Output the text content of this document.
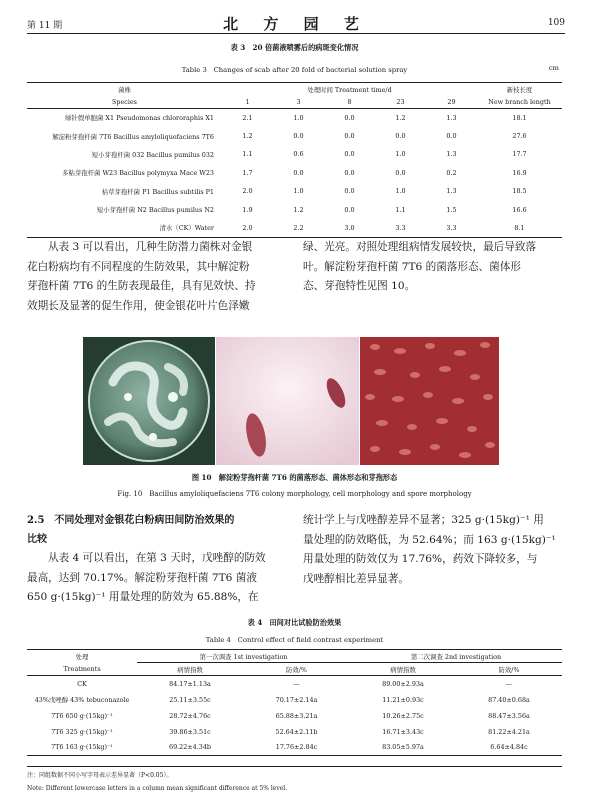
第 11 期	北 方 园 艺	109
表 3　20 倍菌液喷雾后的病斑变化情况
Table 3　Changes of scab after 20 fold of bacterial solution spray	cm
菌株	处理时间 Treatment time/d					新枝长度
Species	1	3	8	23	29	New branch length
绿针假单胞菌 X1 Pseudomonas chlororaphis X1	2.1	1.0	0.0	1.2	1.3	18.1
解淀粉芽孢杆菌 7T6 Bacillus amyloliquefaciens 7T6	1.2	0.0	0.0	0.0	0.0	27.6
短小芽孢杆菌 032 Bacillus pumilus 032	1.1	0.6	0.0	1.0	1.3	17.7
多粘芽孢杆菌 W23 Bacillus polymyxa Mace W23	1.7	0.0	0.0	0.0	0.2	16.9
枯草芽孢杆菌 P1 Bacillus subtilis P1	2.0	1.0	0.0	1.0	1.3	18.5
短小芽孢杆菌 N2 Bacillus pumilus N2	1.9	1.2	0.0	1.1	1.5	16.6
清水（CK）Water	2.0	2.2	3.0	3.3	3.3	8.1
从表 3 可以看出，几种生防潜力菌株对金银
花白粉病均有不同程度的生防效果，其中解淀粉
芽孢杆菌 7T6 的生防表现最佳，具有见效快、持
效期长及显著的促生作用，使金银花叶片色泽嫩
绿、光亮。对照处理组病情发展较快，最后导致落
叶。解淀粉芽孢杆菌 7T6 的菌落形态、菌体形
态、芽孢特性见图 10。
图 10　解淀粉芽孢杆菌 7T6 的菌落形态、菌体形态和芽孢形态
Fig. 10　Bacillus amyloliquefaciens 7T6 colony morphology, cell morphology and spore morphology
2.5　不同处理对金银花白粉病田间防治效果的
比较
从表 4 可以看出，在第 3 天时，戊唑醇的防效
最高，达到 70.17%。解淀粉芽孢杆菌 7T6 菌液
650 g·(15kg)⁻¹ 用量处理的防效为 65.88%，在
统计学上与戊唑醇差异不显著；325 g·(15kg)⁻¹ 用
量处理的防效略低，为 52.64%；而 163 g·(15kg)⁻¹
用量处理的防效仅为 17.76%，药效下降较多，与
戊唑醇相比差异显著。
表 4　田间对比试验防治效果
Table 4　Control effect of field contrast experiment
处理	第一次调查 1st investigation		第二次调查 2nd investigation	
Treatments	病情指数	防效/%	病情指数	防效/%
CK	84.17±1.13a	—	89.00±2.93a	—
43%戊唑醇 43% tebuconazole	25.11±3.55c	70.17±2.14a	11.21±0.93c	87.40±0.68a
7T6 650 g·(15kg)⁻¹	28.72±4.76c	65.88±3.21a	10.26±2.75c	88.47±3.56a
7T6 325 g·(15kg)⁻¹	39.86±3.51c	52.64±2.11b	16.71±3.43c	81.22±4.21a
7T6 163 g·(15kg)⁻¹	69.22±4.34b	17.76±2.84c	83.05±5.97a	6.64±4.84c
注：同组数据不同小写字母表示差异显著（P<0.05）。
Note: Different lowercase letters in a column mean significant difference at 5% level.
